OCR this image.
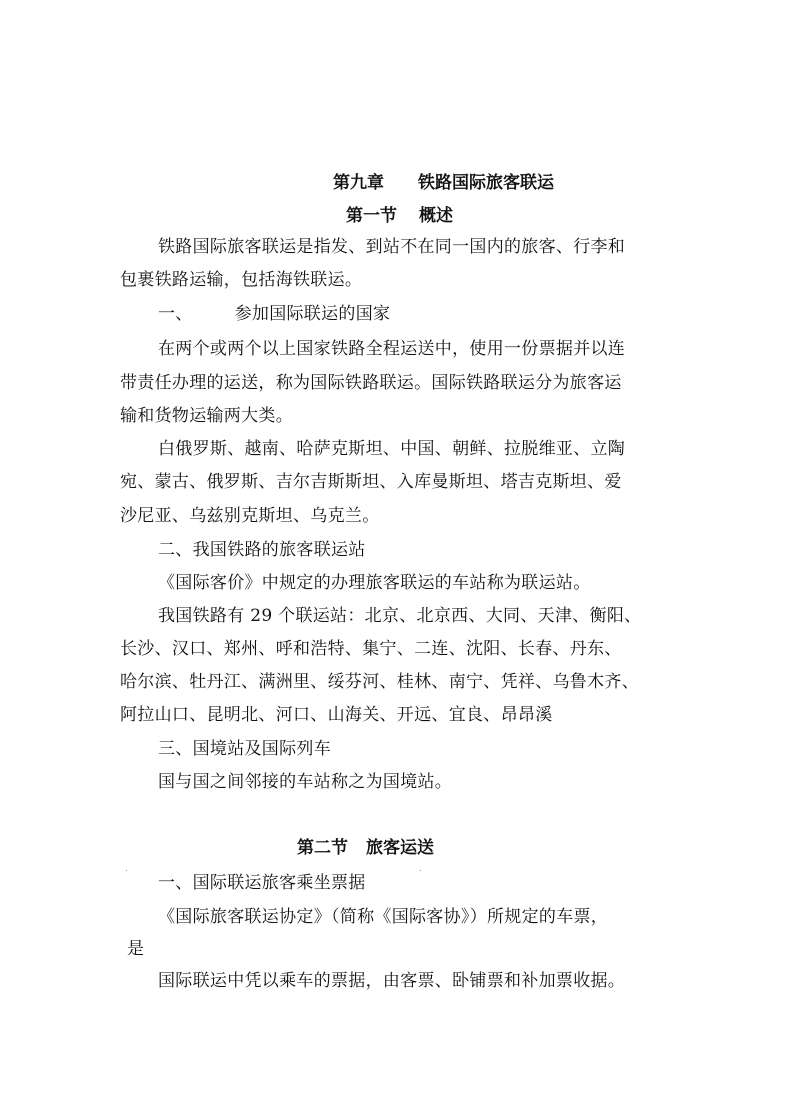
第九章 铁路国际旅客联运
第一节 概述
铁路国际旅客联运是指发、到站不在同一国内的旅客、行李和
包裹铁路运输，包括海铁联运。
一、 参加国际联运的国家
在两个或两个以上国家铁路全程运送中，使用一份票据并以连
带责任办理的运送，称为国际铁路联运。国际铁路联运分为旅客运
输和货物运输两大类。
白俄罗斯、越南、哈萨克斯坦、中国、朝鲜、拉脱维亚、立陶
宛、蒙古、俄罗斯、吉尔吉斯斯坦、入库曼斯坦、塔吉克斯坦、爱
沙尼亚、乌兹别克斯坦、乌克兰。
二、我国铁路的旅客联运站
《国际客价》中规定的办理旅客联运的车站称为联运站。
我国铁路有 29 个联运站：北京、北京西、大同、天津、衡阳、
长沙、汉口、郑州、呼和浩特、集宁、二连、沈阳、长春、丹东、
哈尔滨、牡丹江、满洲里、绥芬河、桂林、南宁、凭祥、乌鲁木齐、
阿拉山口、昆明北、河口、山海关、开远、宜良、昂昂溪
三、国境站及国际列车
国与国之间邻接的车站称之为国境站。
第二节 旅客运送
一、国际联运旅客乘坐票据
《国际旅客联运协定》（简称《国际客协》）所规定的车票，
是
国际联运中凭以乘车的票据，由客票、卧铺票和补加票收据。
